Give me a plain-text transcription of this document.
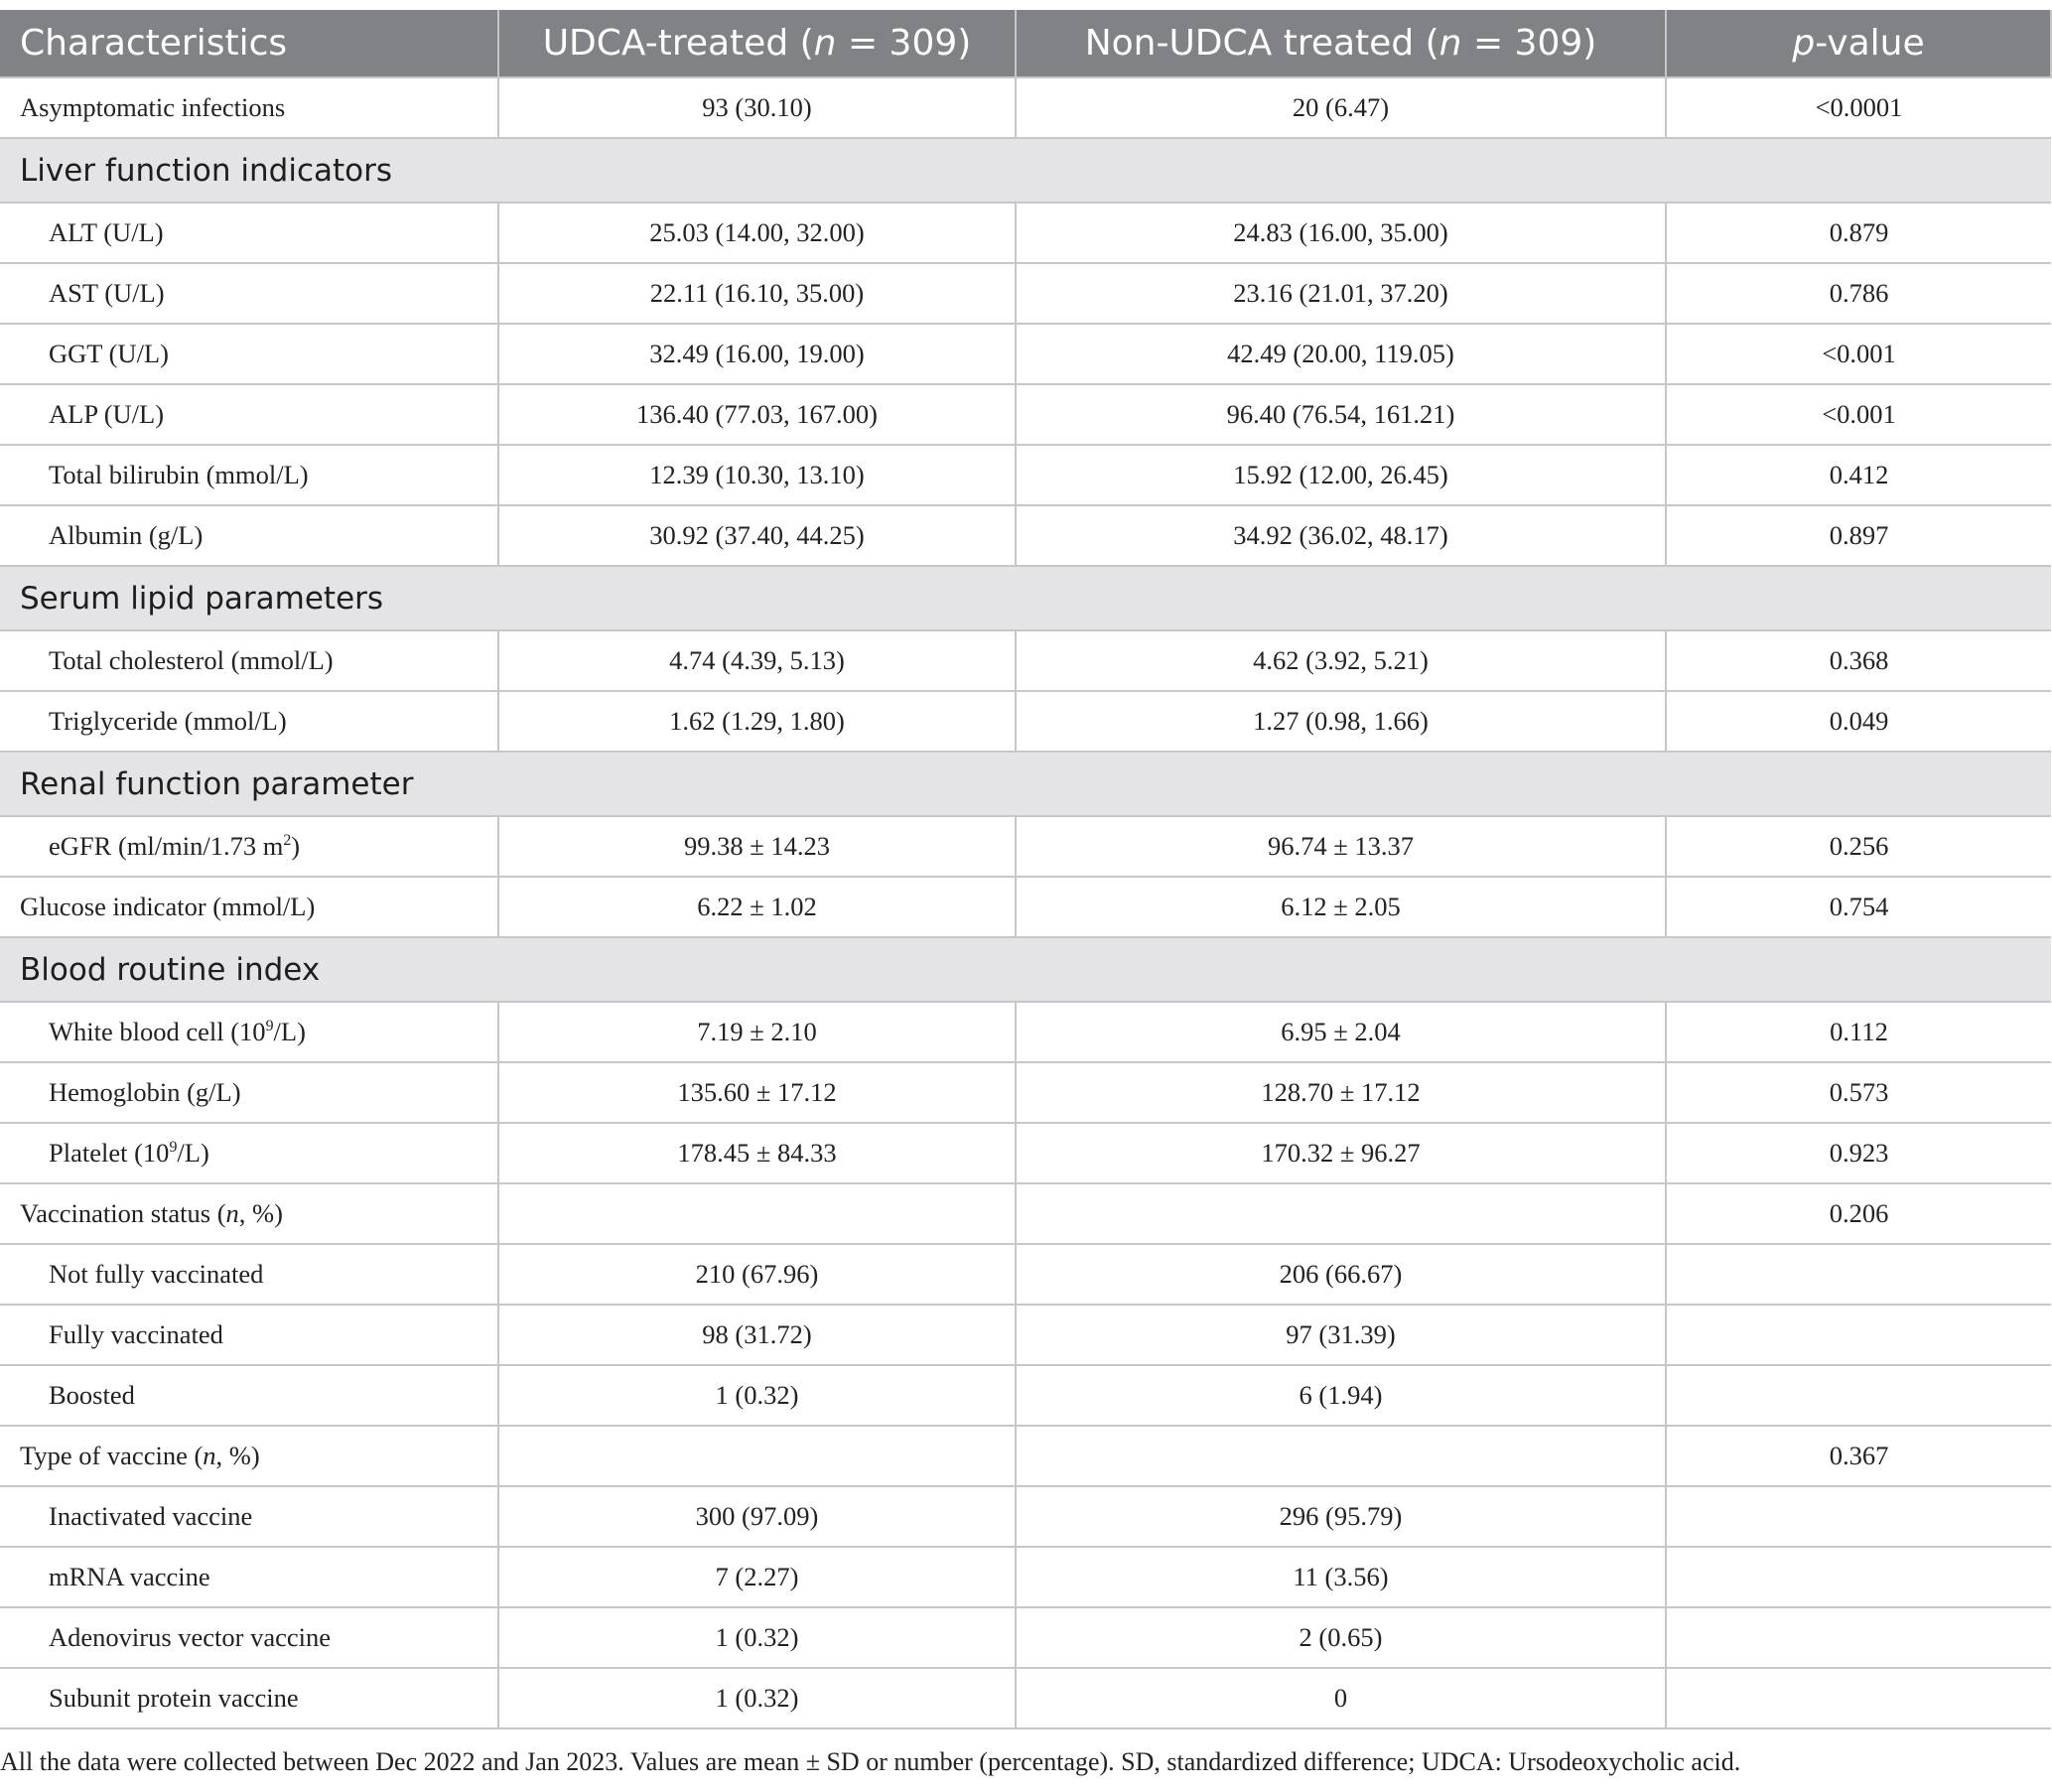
Characteristics	UDCA-treated (n = 309)	Non-UDCA treated (n = 309)	p-value
Asymptomatic infections	93 (30.10)	20 (6.47)	<0.0001
Liver function indicators			
ALT (U/L)	25.03 (14.00, 32.00)	24.83 (16.00, 35.00)	0.879
AST (U/L)	22.11 (16.10, 35.00)	23.16 (21.01, 37.20)	0.786
GGT (U/L)	32.49 (16.00, 19.00)	42.49 (20.00, 119.05)	<0.001
ALP (U/L)	136.40 (77.03, 167.00)	96.40 (76.54, 161.21)	<0.001
Total bilirubin (mmol/L)	12.39 (10.30, 13.10)	15.92 (12.00, 26.45)	0.412
Albumin (g/L)	30.92 (37.40, 44.25)	34.92 (36.02, 48.17)	0.897
Serum lipid parameters			
Total cholesterol (mmol/L)	4.74 (4.39, 5.13)	4.62 (3.92, 5.21)	0.368
Triglyceride (mmol/L)	1.62 (1.29, 1.80)	1.27 (0.98, 1.66)	0.049
Renal function parameter			
eGFR (ml/min/1.73 $m^2$)	99.38 ± 14.23	96.74 ± 13.37	0.256
Glucose indicator (mmol/L)	6.22 ± 1.02	6.12 ± 2.05	0.754
Blood routine index			
White blood cell $(10^9/L)$	7.19 ± 2.10	6.95 ± 2.04	0.112
Hemoglobin (g/L)	135.60 ± 17.12	128.70 ± 17.12	0.573
Platelet $(10^9/L)$	178.45 ± 84.33	170.32 ± 96.27	0.923
Vaccination status (n, %)			0.206
Not fully vaccinated	210 (67.96)	206 (66.67)	
Fully vaccinated	98 (31.72)	97 (31.39)	
Boosted	1 (0.32)	6 (1.94)	
Type of vaccine (n, %)			0.367
Inactivated vaccine	300 (97.09)	296 (95.79)	
mRNA vaccine	7 (2.27)	11 (3.56)	
Adenovirus vector vaccine	1 (0.32)	2 (0.65)	
Subunit protein vaccine	1 (0.32)	0	
All the data were collected between Dec 2022 and Jan 2023. Values are mean ± SD or number (percentage). SD, standardized difference; UDCA: Ursodeoxycholic acid.
